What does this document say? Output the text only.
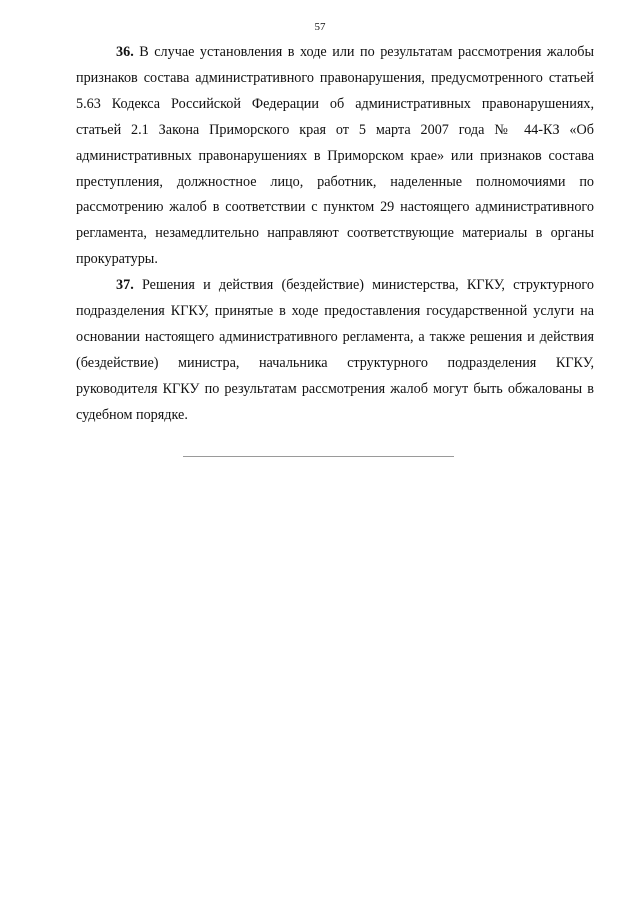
57

36. В случае установления в ходе или по результатам рассмотрения жалобы признаков состава административного правонарушения, предусмотренного статьей 5.63 Кодекса Российской Федерации об административных правонарушениях, статьей 2.1 Закона Приморского края от 5 марта 2007 года № 44-КЗ «Об административных правонарушениях в Приморском крае» или признаков состава преступления, должностное лицо, работник, наделенные полномочиями по рассмотрению жалоб в соответствии с пунктом 29 настоящего административного регламента, незамедлительно направляют соответствующие материалы в органы прокуратуры.

37. Решения и действия (бездействие) министерства, КГКУ, структурного подразделения КГКУ, принятые в ходе предоставления государственной услуги на основании настоящего административного регламента, а также решения и действия (бездействие) министра, начальника структурного подразделения КГКУ, руководителя КГКУ по результатам рассмотрения жалоб могут быть обжалованы в судебном порядке.
